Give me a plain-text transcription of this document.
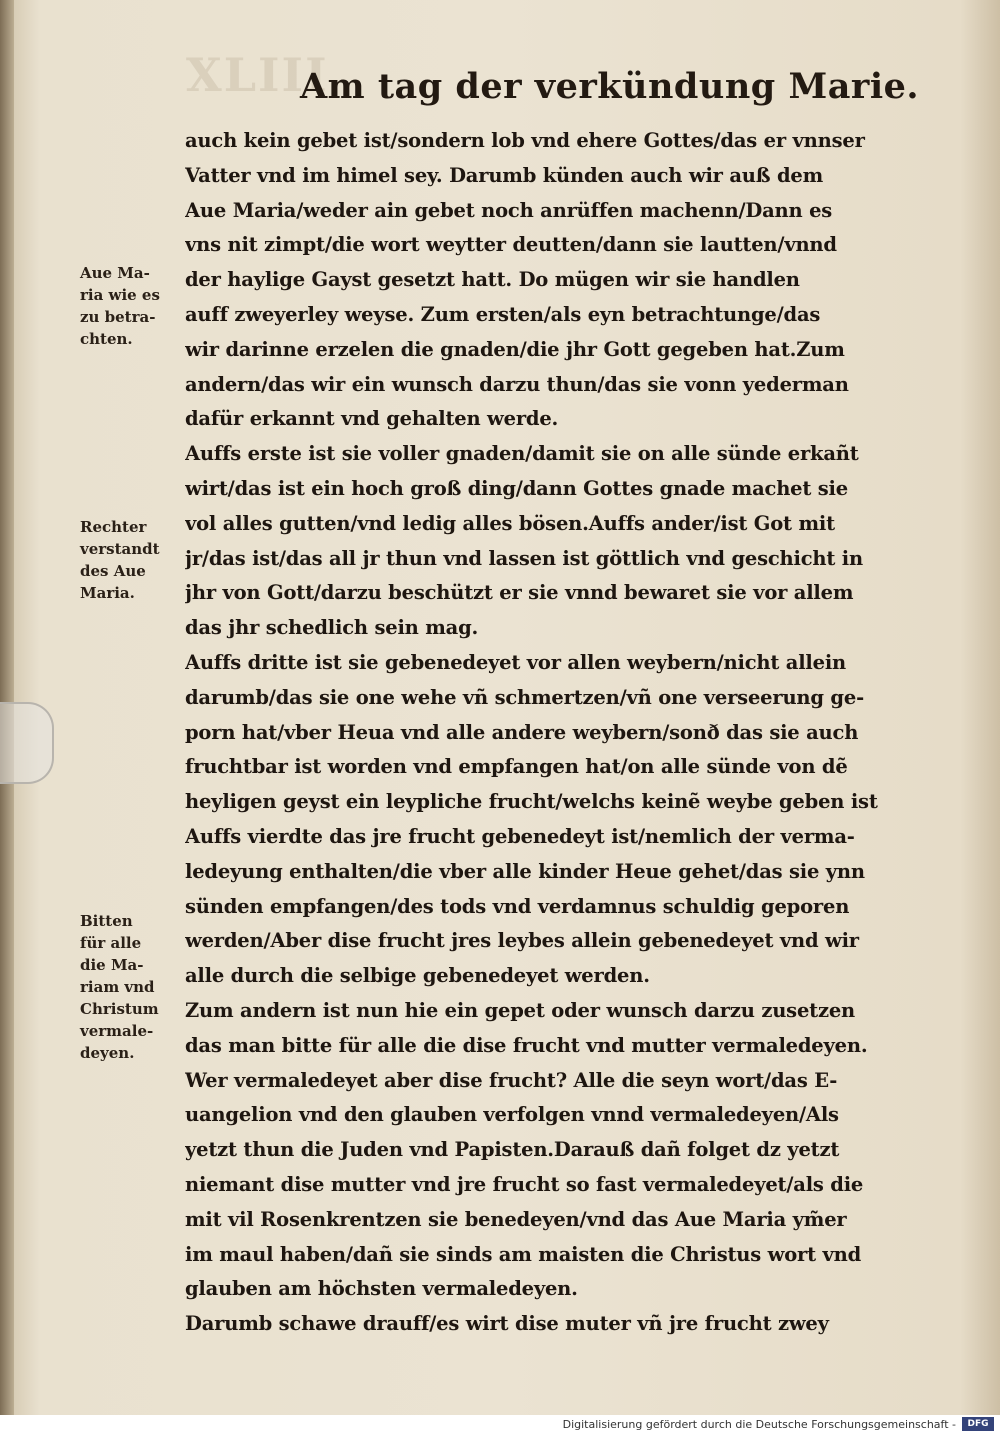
XLIII
Am tag der verkündung Marie.
auch kein gebet ist/sondern lob vnd ehere Gottes/das er vnnser
Vatter vnd im himel sey. Darumb künden auch wir auß dem
Aue Maria/weder ain gebet noch anrüffen machenn/Dann es
vns nit zimpt/die wort weytter deutten/dann sie lautten/vnnd
der haylige Gayst gesetzt hatt. Do mügen wir sie handlen
auff zweyerley weyse. Zum ersten/als eyn betrachtunge/das
wir darinne erzelen die gnaden/die jhr Gott gegeben hat.Zum
andern/das wir ein wunsch darzu thun/das sie vonn yederman
dafür erkannt vnd gehalten werde.
Auffs erste ist sie voller gnaden/damit sie on alle sünde erkañt
wirt/das ist ein hoch groß ding/dann Gottes gnade machet sie
vol alles gutten/vnd ledig alles bösen.Auffs ander/ist Got mit
jr/das ist/das all jr thun vnd lassen ist göttlich vnd geschicht in
jhr von Gott/darzu beschützt er sie vnnd bewaret sie vor allem
das jhr schedlich sein mag.
Auffs dritte ist sie gebenedeyet vor allen weybern/nicht allein
darumb/das sie one wehe vñ schmertzen/vñ one verseerung ge-
porn hat/vber Heua vnd alle andere weybern/sonð das sie auch
fruchtbar ist worden vnd empfangen hat/on alle sünde von dẽ
heyligen geyst ein leypliche frucht/welchs keinẽ weybe geben ist
Auffs vierdte das jre frucht gebenedeyt ist/nemlich der verma-
ledeyung enthalten/die vber alle kinder Heue gehet/das sie ynn
sünden empfangen/des tods vnd verdamnus schuldig geporen
werden/Aber dise frucht jres leybes allein gebenedeyet vnd wir
alle durch die selbige gebenedeyet werden.
Zum andern ist nun hie ein gepet oder wunsch darzu zusetzen
das man bitte für alle die dise frucht vnd mutter vermaledeyen.
Wer vermaledeyet aber dise frucht? Alle die seyn wort/das E-
uangelion vnd den glauben verfolgen vnnd vermaledeyen/Als
yetzt thun die Juden vnd Papisten.Darauß dañ folget dz yetzt
niemant dise mutter vnd jre frucht so fast vermaledeyet/als die
mit vil Rosenkrentzen sie benedeyen/vnd das Aue Maria ym̃er
im maul haben/dañ sie sinds am maisten die Christus wort vnd
glauben am höchsten vermaledeyen.
Darumb schawe drauff/es wirt dise muter vñ jre frucht zwey
Aue Ma-
ria wie es
zu betra-
chten.
Rechter
verstandt
des Aue
Maria.
Bitten
für alle
die Ma-
riam vnd
Christum
vermale-
deyen.
Digitalisierung gefördert durch die Deutsche Forschungsgemeinschaft -	DFG
